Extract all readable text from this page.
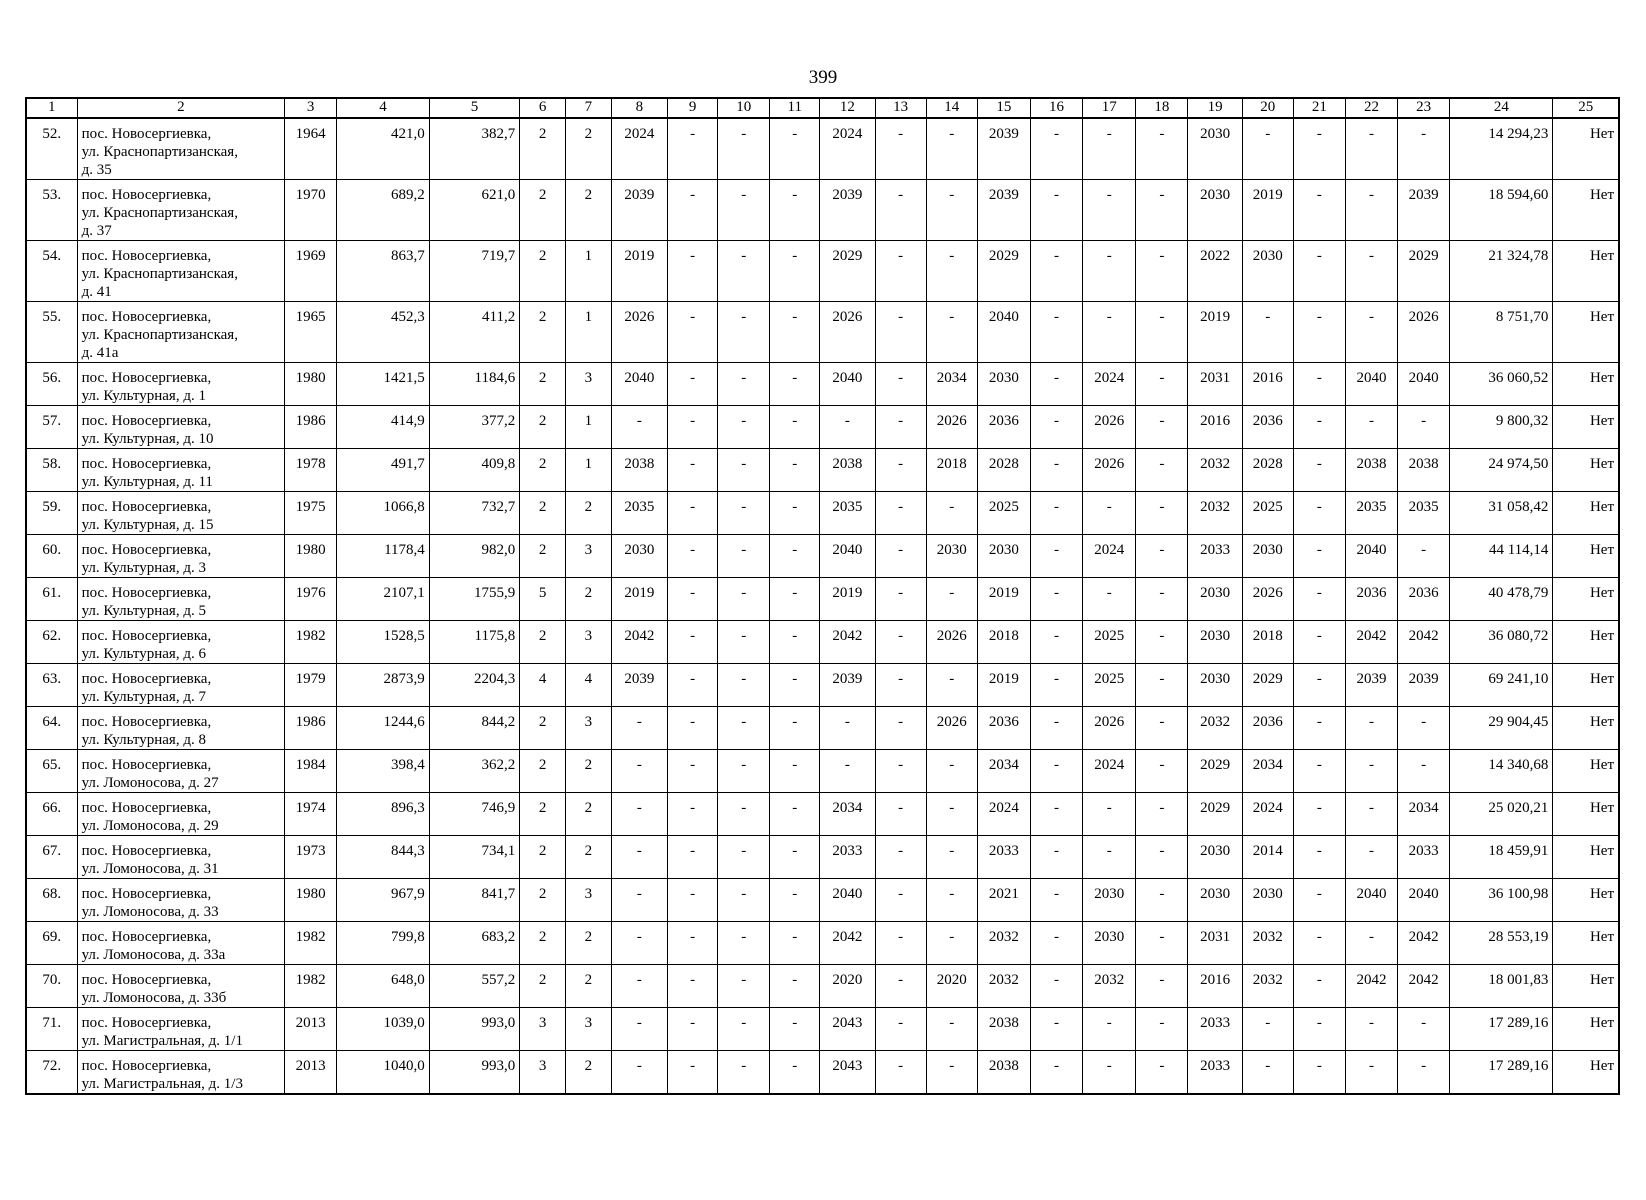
399
1	2	3	4	5	6	7	8	9	10	11	12	13	14	15	16	17	18	19	20	21	22	23	24	25
52.	пос. Новосергиевка,
ул. Краснопартизанская,
д. 35	1964	421,0	382,7	2	2	2024	-	-	-	2024	-	-	2039	-	-	-	2030	-	-	-	-	14 294,23	Нет
53.	пос. Новосергиевка,
ул. Краснопартизанская,
д. 37	1970	689,2	621,0	2	2	2039	-	-	-	2039	-	-	2039	-	-	-	2030	2019	-	-	2039	18 594,60	Нет
54.	пос. Новосергиевка,
ул. Краснопартизанская,
д. 41	1969	863,7	719,7	2	1	2019	-	-	-	2029	-	-	2029	-	-	-	2022	2030	-	-	2029	21 324,78	Нет
55.	пос. Новосергиевка,
ул. Краснопартизанская,
д. 41а	1965	452,3	411,2	2	1	2026	-	-	-	2026	-	-	2040	-	-	-	2019	-	-	-	2026	8 751,70	Нет
56.	пос. Новосергиевка,
ул. Культурная, д. 1	1980	1421,5	1184,6	2	3	2040	-	-	-	2040	-	2034	2030	-	2024	-	2031	2016	-	2040	2040	36 060,52	Нет
57.	пос. Новосергиевка,
ул. Культурная, д. 10	1986	414,9	377,2	2	1	-	-	-	-	-	-	2026	2036	-	2026	-	2016	2036	-	-	-	9 800,32	Нет
58.	пос. Новосергиевка,
ул. Культурная, д. 11	1978	491,7	409,8	2	1	2038	-	-	-	2038	-	2018	2028	-	2026	-	2032	2028	-	2038	2038	24 974,50	Нет
59.	пос. Новосергиевка,
ул. Культурная, д. 15	1975	1066,8	732,7	2	2	2035	-	-	-	2035	-	-	2025	-	-	-	2032	2025	-	2035	2035	31 058,42	Нет
60.	пос. Новосергиевка,
ул. Культурная, д. 3	1980	1178,4	982,0	2	3	2030	-	-	-	2040	-	2030	2030	-	2024	-	2033	2030	-	2040	-	44 114,14	Нет
61.	пос. Новосергиевка,
ул. Культурная, д. 5	1976	2107,1	1755,9	5	2	2019	-	-	-	2019	-	-	2019	-	-	-	2030	2026	-	2036	2036	40 478,79	Нет
62.	пос. Новосергиевка,
ул. Культурная, д. 6	1982	1528,5	1175,8	2	3	2042	-	-	-	2042	-	2026	2018	-	2025	-	2030	2018	-	2042	2042	36 080,72	Нет
63.	пос. Новосергиевка,
ул. Культурная, д. 7	1979	2873,9	2204,3	4	4	2039	-	-	-	2039	-	-	2019	-	2025	-	2030	2029	-	2039	2039	69 241,10	Нет
64.	пос. Новосергиевка,
ул. Культурная, д. 8	1986	1244,6	844,2	2	3	-	-	-	-	-	-	2026	2036	-	2026	-	2032	2036	-	-	-	29 904,45	Нет
65.	пос. Новосергиевка,
ул. Ломоносова, д. 27	1984	398,4	362,2	2	2	-	-	-	-	-	-	-	2034	-	2024	-	2029	2034	-	-	-	14 340,68	Нет
66.	пос. Новосергиевка,
ул. Ломоносова, д. 29	1974	896,3	746,9	2	2	-	-	-	-	2034	-	-	2024	-	-	-	2029	2024	-	-	2034	25 020,21	Нет
67.	пос. Новосергиевка,
ул. Ломоносова, д. 31	1973	844,3	734,1	2	2	-	-	-	-	2033	-	-	2033	-	-	-	2030	2014	-	-	2033	18 459,91	Нет
68.	пос. Новосергиевка,
ул. Ломоносова, д. 33	1980	967,9	841,7	2	3	-	-	-	-	2040	-	-	2021	-	2030	-	2030	2030	-	2040	2040	36 100,98	Нет
69.	пос. Новосергиевка,
ул. Ломоносова, д. 33а	1982	799,8	683,2	2	2	-	-	-	-	2042	-	-	2032	-	2030	-	2031	2032	-	-	2042	28 553,19	Нет
70.	пос. Новосергиевка,
ул. Ломоносова, д. 33б	1982	648,0	557,2	2	2	-	-	-	-	2020	-	2020	2032	-	2032	-	2016	2032	-	2042	2042	18 001,83	Нет
71.	пос. Новосергиевка,
ул. Магистральная, д. 1/1	2013	1039,0	993,0	3	3	-	-	-	-	2043	-	-	2038	-	-	-	2033	-	-	-	-	17 289,16	Нет
72.	пос. Новосергиевка,
ул. Магистральная, д. 1/3	2013	1040,0	993,0	3	2	-	-	-	-	2043	-	-	2038	-	-	-	2033	-	-	-	-	17 289,16	Нет
